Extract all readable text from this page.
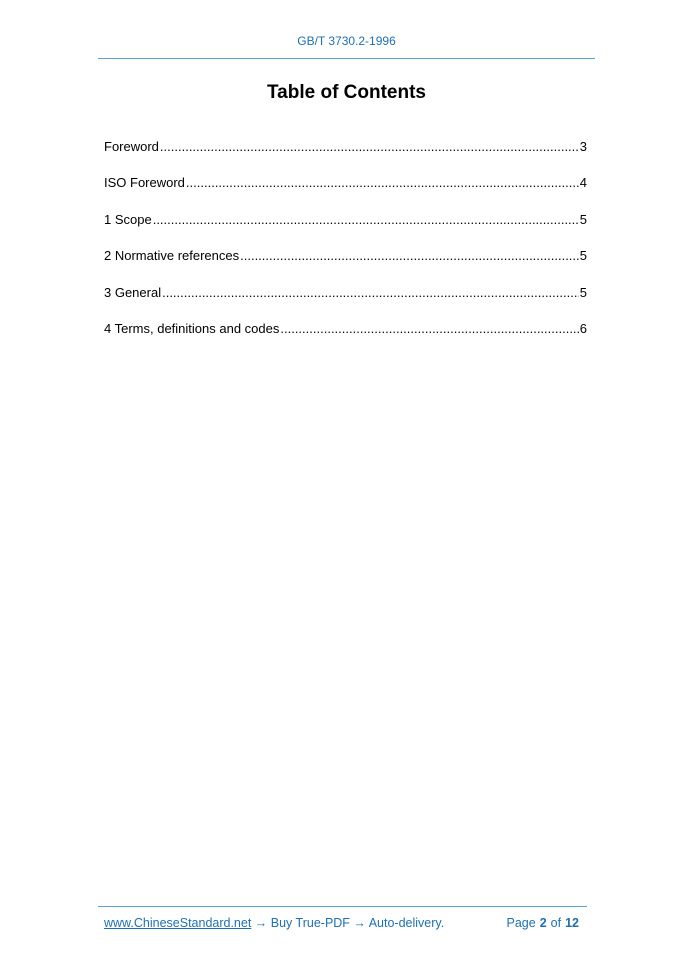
GB/T 3730.2-1996
Table of Contents
Foreword .....	3
ISO Foreword .....	4
1 Scope .....	5
2 Normative references .....	5
3 General .....	5
4 Terms, definitions and codes .....	6
www.ChineseStandard.net → Buy True-PDF → Auto-delivery.	Page 2 of 12
